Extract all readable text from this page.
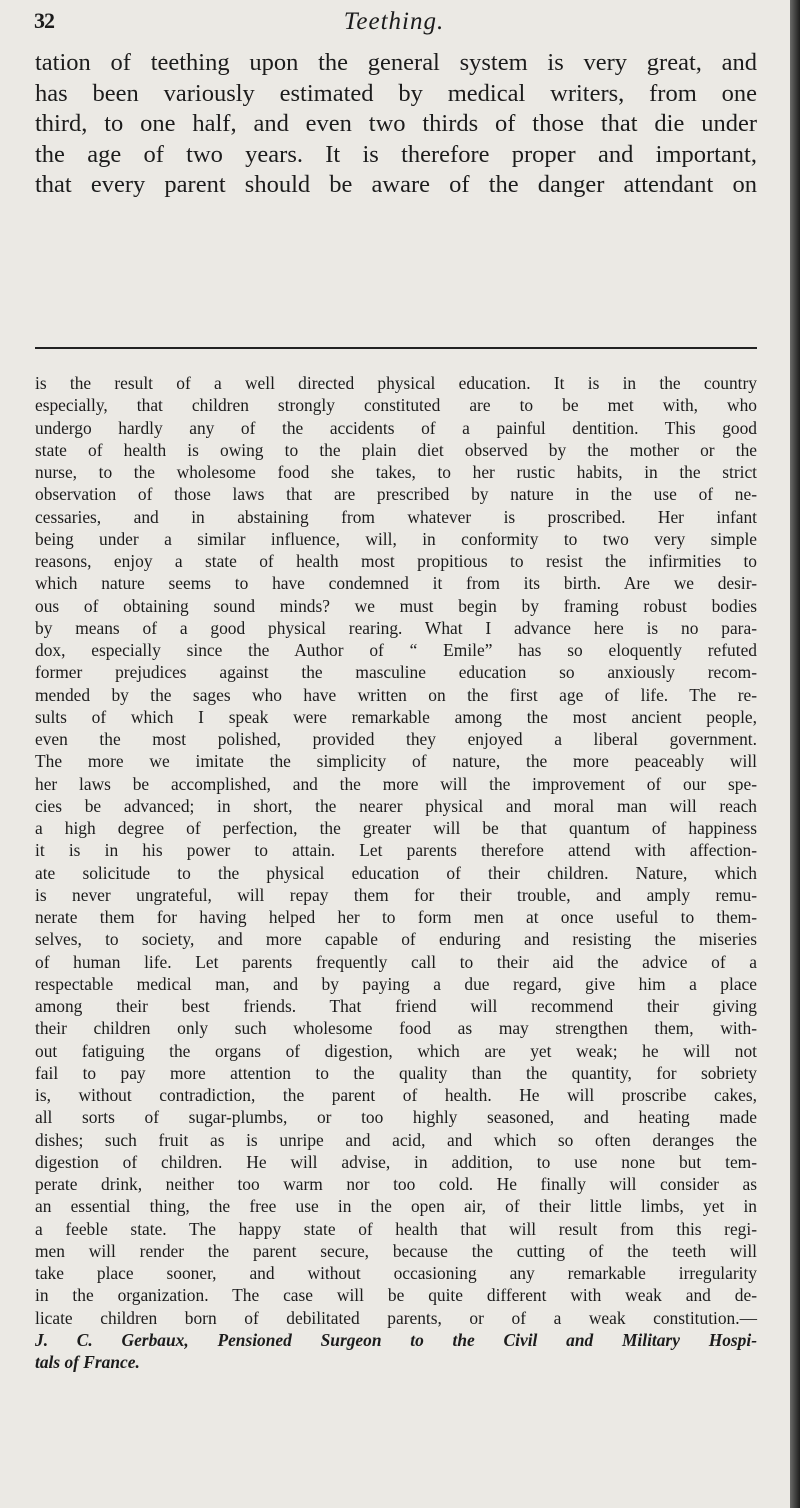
32	Teething.
tation of teething upon the general system is very great, and
has been variously estimated by medical writers, from one
third, to one half, and even two thirds of those that die under
the age of two years. It is therefore proper and important,
that every parent should be aware of the danger attendant on
is the result of a well directed physical education. It is in the country
especially, that children strongly constituted are to be met with, who
undergo hardly any of the accidents of a painful dentition. This good
state of health is owing to the plain diet observed by the mother or the
nurse, to the wholesome food she takes, to her rustic habits, in the strict
observation of those laws that are prescribed by nature in the use of ne-
cessaries, and in abstaining from whatever is proscribed. Her infant
being under a similar influence, will, in conformity to two very simple
reasons, enjoy a state of health most propitious to resist the infirmities to
which nature seems to have condemned it from its birth. Are we desir-
ous of obtaining sound minds? we must begin by framing robust bodies
by means of a good physical rearing. What I advance here is no para-
dox, especially since the Author of “ Emile” has so eloquently refuted
former prejudices against the masculine education so anxiously recom-
mended by the sages who have written on the first age of life. The re-
sults of which I speak were remarkable among the most ancient people,
even the most polished, provided they enjoyed a liberal government.
The more we imitate the simplicity of nature, the more peaceably will
her laws be accomplished, and the more will the improvement of our spe-
cies be advanced; in short, the nearer physical and moral man will reach
a high degree of perfection, the greater will be that quantum of happiness
it is in his power to attain. Let parents therefore attend with affection-
ate solicitude to the physical education of their children. Nature, which
is never ungrateful, will repay them for their trouble, and amply remu-
nerate them for having helped her to form men at once useful to them-
selves, to society, and more capable of enduring and resisting the miseries
of human life. Let parents frequently call to their aid the advice of a
respectable medical man, and by paying a due regard, give him a place
among their best friends. That friend will recommend their giving
their children only such wholesome food as may strengthen them, with-
out fatiguing the organs of digestion, which are yet weak; he will not
fail to pay more attention to the quality than the quantity, for sobriety
is, without contradiction, the parent of health. He will proscribe cakes,
all sorts of sugar-plumbs, or too highly seasoned, and heating made
dishes; such fruit as is unripe and acid, and which so often deranges the
digestion of children. He will advise, in addition, to use none but tem-
perate drink, neither too warm nor too cold. He finally will consider as
an essential thing, the free use in the open air, of their little limbs, yet in
a feeble state. The happy state of health that will result from this regi-
men will render the parent secure, because the cutting of the teeth will
take place sooner, and without occasioning any remarkable irregularity
in the organization. The case will be quite different with weak and de-
licate children born of debilitated parents, or of a weak constitution.—
J. C. Gerbaux, Pensioned Surgeon to the Civil and Military Hospi-
tals of France.
